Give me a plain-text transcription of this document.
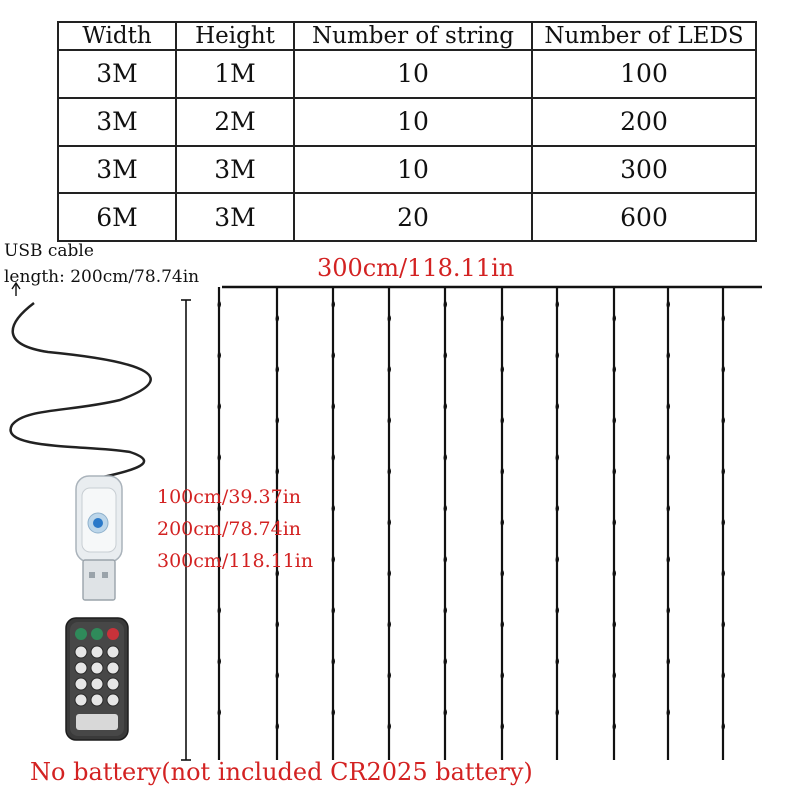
Width	Height	Number of string	Number of LEDS
3M	1M	10	100
3M	2M	10	200
3M	3M	10	300
6M	3M	20	600
USB cable
length: 200cm/78.74in	300cm/118.11in
100cm/39.37in
200cm/78.74in
300cm/118.11in
No battery(not included CR2025 battery)
